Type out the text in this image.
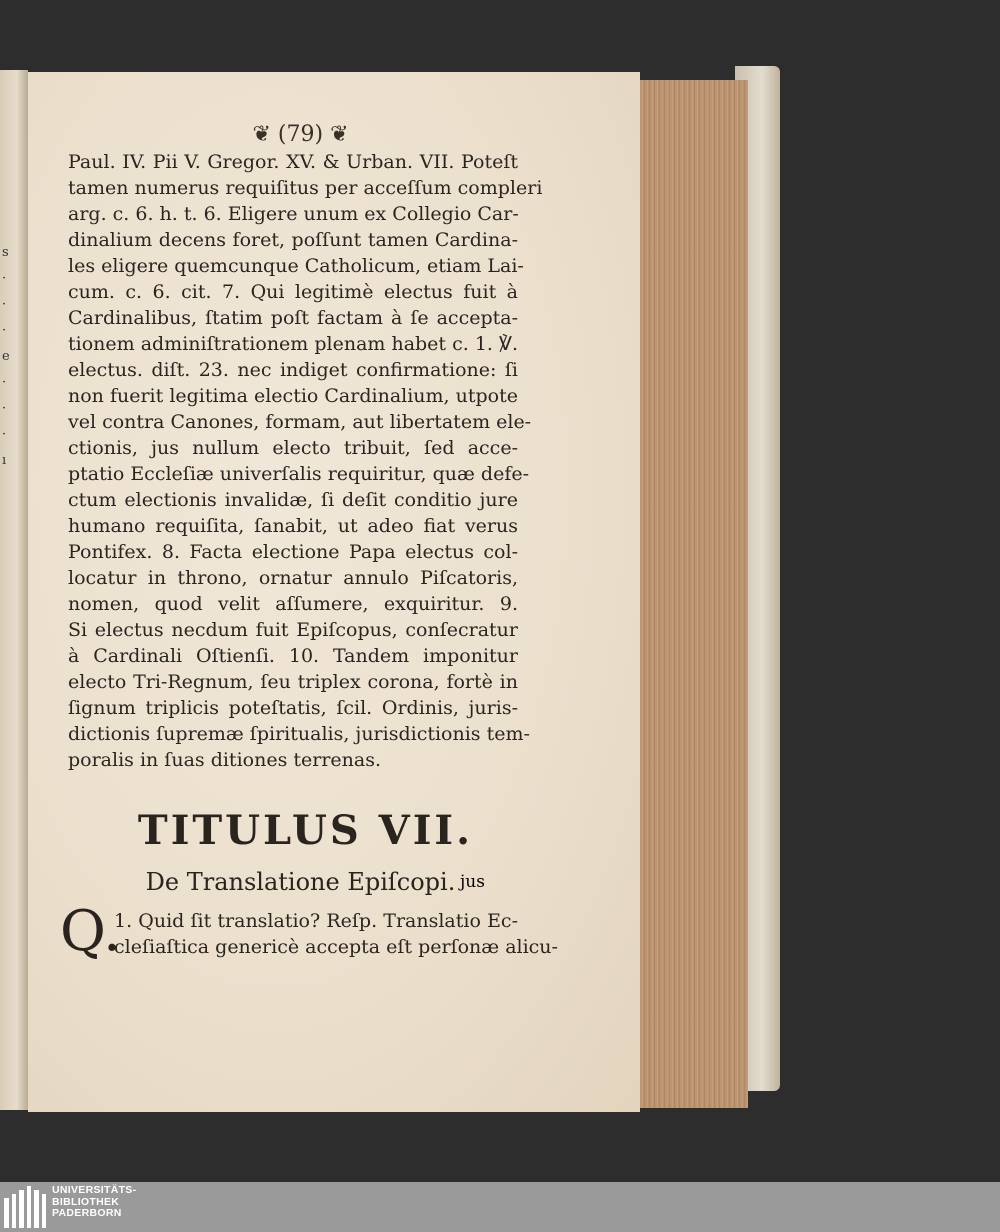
s
·
·
·
e
·
·
·
ı
❦ (79) ❦
Paul. IV. Pii V. Gregor. XV. & Urban. VII. Poteſt
tamen numerus requiſitus per acceſſum compleri
arg. c. 6. h. t. 6. Eligere unum ex Collegio Car-
dinalium decens foret, poſſunt tamen Cardina-
les eligere quemcunque Catholicum, etiam Lai-
cum. c. 6. cit. 7. Qui legitimè electus fuit à
Cardinalibus, ſtatim poſt factam à ſe accepta-
tionem adminiſtrationem plenam habet c. 1. ℣.
electus. diſt. 23. nec indiget confirmatione: ſi
non fuerit legitima electio Cardinalium, utpote
vel contra Canones, formam, aut libertatem ele-
ctionis, jus nullum electo tribuit, ſed acce-
ptatio Eccleſiæ univerſalis requiritur, quæ defe-
ctum electionis invalidæ, ſi deſit conditio jure
humano requiſita, ſanabit, ut adeo fiat verus
Pontifex. 8. Facta electione Papa electus col-
locatur in throno, ornatur annulo Piſcatoris,
nomen, quod velit aſſumere, exquiritur. 9.
Si electus necdum fuit Epiſcopus, conſecratur
à Cardinali Oſtienſi. 10. Tandem imponitur
electo Tri-Regnum, ſeu triplex corona, fortè in
ſignum triplicis poteſtatis, ſcil. Ordinis, juris-
dictionis ſupremæ ſpiritualis, jurisdictionis tem-
poralis in ſuas ditiones terrenas.
TITULUS VII.
De Translatione Epiſcopi.
Q.
1. Quid ſit translatio? Reſp. Translatio Ec-
cleſiaſtica genericè accepta eſt perſonæ alicu-
jus
UNIVERSITÄTS-
BIBLIOTHEK
PADERBORN
